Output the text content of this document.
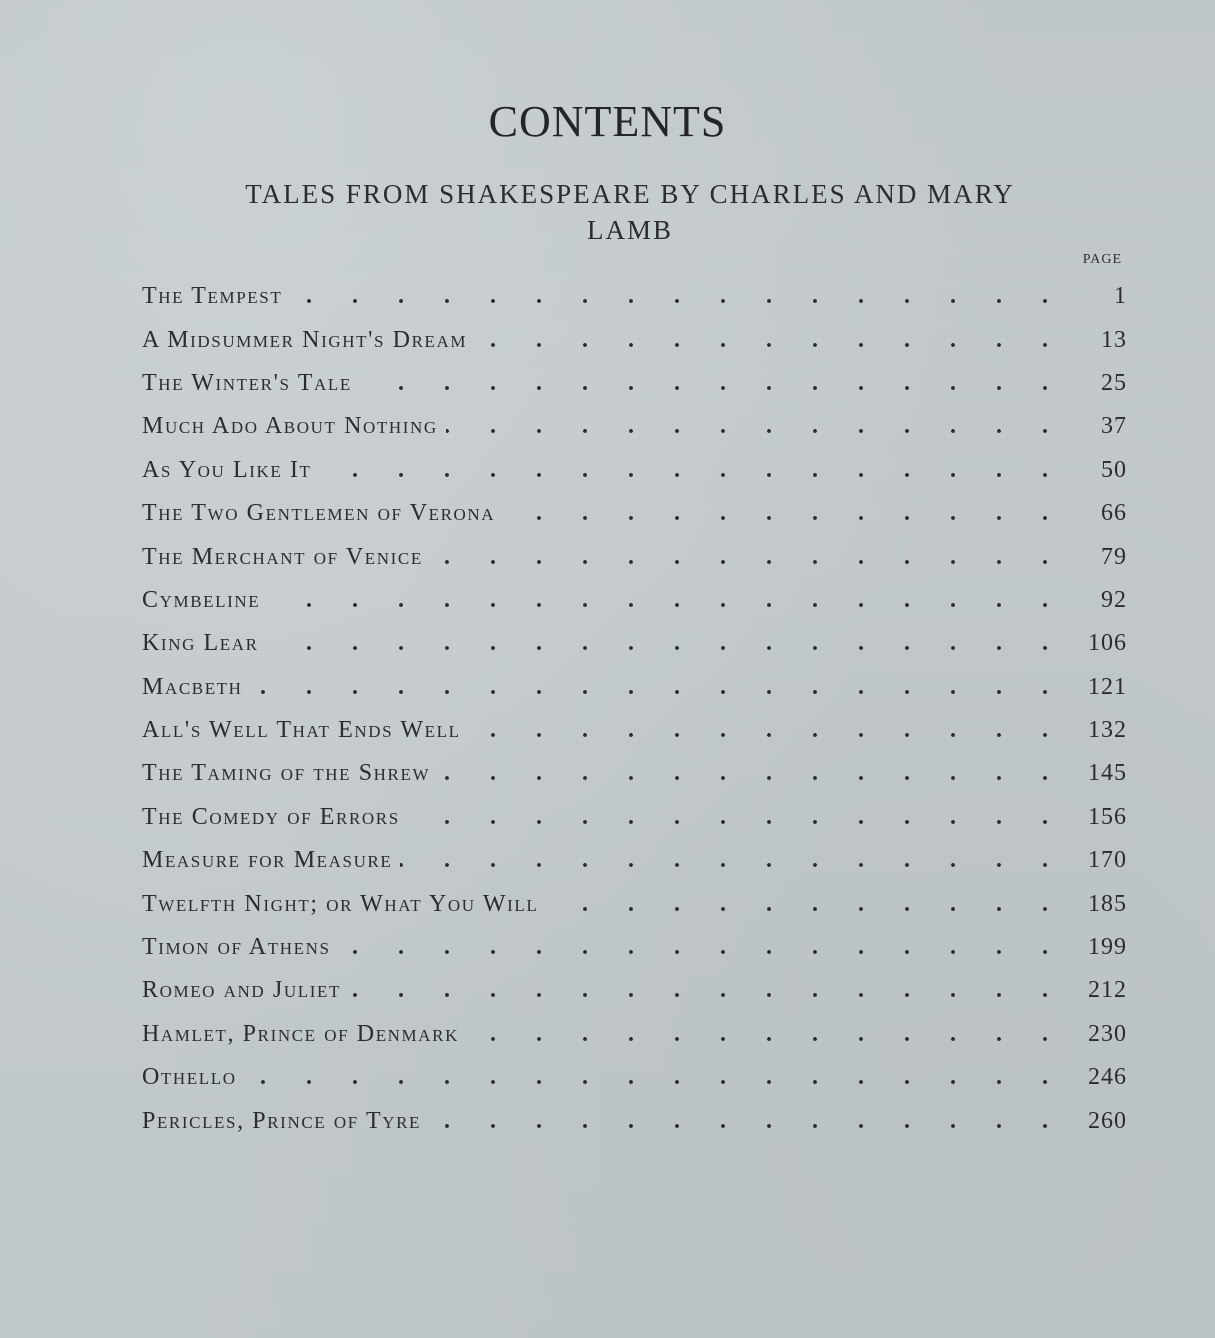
CONTENTS
TALES FROM SHAKESPEARE BY CHARLES AND MARY LAMB
PAGE
The Tempest . . .	1
A Midsummer Night's Dream . . .	13
The Winter's Tale . . .	25
Much Ado About Nothing . . .	37
As You Like It . . .	50
The Two Gentlemen of Verona . . .	66
The Merchant of Venice . . .	79
Cymbeline . . .	92
King Lear . . .	106
Macbeth . . .	121
All's Well That Ends Well . . .	132
The Taming of the Shrew . . .	145
The Comedy of Errors . . .	156
Measure for Measure . . .	170
Twelfth Night; or What You Will . . .	185
Timon of Athens . . .	199
Romeo and Juliet . . .	212
Hamlet, Prince of Denmark . . .	230
Othello . . .	246
Pericles, Prince of Tyre . . .	260
